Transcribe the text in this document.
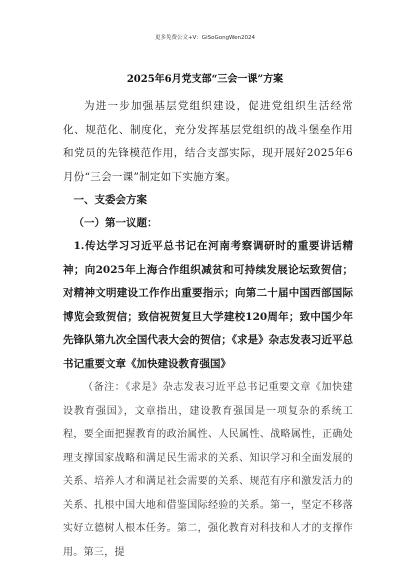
更多免费公文+V：GiSoGongWen2024
2025年6月党支部“三会一课”方案

为进一步加强基层党组织建设，促进党组织生活经常化、规范化、制度化，充分发挥基层党组织的战斗堡垒作用和党员的先锋模范作用，结合支部实际，现开展好2025年6月份“三会一课”制定如下实施方案。

一、支委会方案

（一）第一议题：

1.传达学习习近平总书记在河南考察调研时的重要讲话精神；向2025年上海合作组织减贫和可持续发展论坛致贺信；对精神文明建设工作作出重要指示；向第二十届中国西部国际博览会致贺信；致信祝贺复旦大学建校120周年；致中国少年先锋队第九次全国代表大会的贺信；《求是》杂志发表习近平总书记重要文章《加快建设教育强国》

（备注：《求是》杂志发表习近平总书记重要文章《加快建设教育强国》，文章指出，建设教育强国是一项复杂的系统工程，要全面把握教育的政治属性、人民属性、战略属性，正确处理支撑国家战略和满足民生需求的关系、知识学习和全面发展的关系、培养人才和满足社会需要的关系、规范有序和激发活力的关系、扎根中国大地和借鉴国际经验的关系。第一，坚定不移落实好立德树人根本任务。第二，强化教育对科技和人才的支撑作用。第三，提
